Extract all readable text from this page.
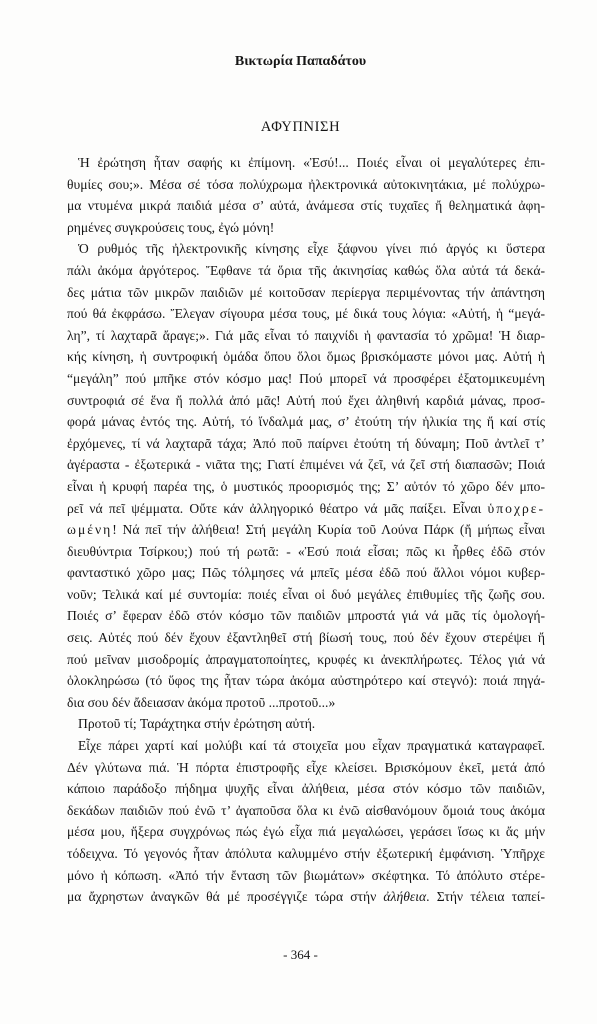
Βικτωρία Παπαδάτου
ΑΦΥΠΝΙΣΗ
Ἡ ἐρώτηση ἦταν σαφής κι ἐπίμονη. «Ἐσύ!... Ποιές εἶναι οἱ μεγαλύτερες ἐπι-
θυμίες σου;». Μέσα σέ τόσα πολύχρωμα ἠλεκτρονικά αὐτοκινητάκια, μέ πολύχρω-
μα ντυμένα μικρά παιδιά μέσα σ’ αὐτά, ἀνάμεσα στίς τυχαῖες ἤ θεληματικά ἀφη-
ρημένες συγκρούσεις τους, ἐγώ μόνη!
Ὁ ρυθμός τῆς ἠλεκτρονικῆς κίνησης εἶχε ξάφνου γίνει πιό ἀργός κι ὕστερα
πάλι ἀκόμα ἀργότερος. Ἔφθανε τά ὅρια τῆς ἀκινησίας καθώς ὅλα αὐτά τά δεκά-
δες μάτια τῶν μικρῶν παιδιῶν μέ κοιτοῦσαν περίεργα περιμένοντας τήν ἀπάντηση
πού θά ἐκφράσω. Ἔλεγαν σίγουρα μέσα τους, μέ δικά τους λόγια: «Αὐτή, ἡ “μεγά-
λη”, τί λαχταρᾶ ἄραγε;». Γιά μᾶς εἶναι τό παιχνίδι ἡ φαντασία τό χρῶμα! Ἡ διαρ-
κής κίνηση, ἡ συντροφική ὁμάδα ὅπου ὅλοι ὅμως βρισκόμαστε μόνοι μας. Αὐτή ἡ
“μεγάλη” πού μπῆκε στόν κόσμο μας! Πού μπορεῖ νά προσφέρει ἐξατομικευμένη
συντροφιά σέ ἕνα ἤ πολλά ἀπό μᾶς! Αὐτή πού ἔχει ἀληθινή καρδιά μάνας, προσ-
φορά μάνας ἐντός της. Αὐτή, τό ἴνδαλμά μας, σ’ ἐτούτη τήν ἡλικία της ἤ καί στίς
ἐρχόμενες, τί νά λαχταρᾶ τάχα; Ἀπό ποῦ παίρνει ἐτούτη τή δύναμη; Ποῦ ἀντλεῖ τ’
ἀγέραστα - ἐξωτερικά - νιᾶτα της; Γιατί ἐπιμένει νά ζεῖ, νά ζεῖ στή διαπασῶν; Ποιά
εἶναι ἡ κρυφή παρέα της, ὁ μυστικός προορισμός της; Σ’ αὐτόν τό χῶρο δέν μπο-
ρεῖ νά πεῖ ψέμματα. Οὔτε κάν ἀλληγορικό θέατρο νά μᾶς παίξει. Εἶναι ὑποχρε-
ωμένη! Νά πεῖ τήν ἀλήθεια! Στή μεγάλη Κυρία τοῦ Λούνα Πάρκ (ἤ μήπως εἶναι
διευθύντρια Τσίρκου;) πού τή ρωτᾶ: - «Ἐσύ ποιά εἶσαι; πῶς κι ἦρθες ἐδῶ στόν
φανταστικό χῶρο μας; Πῶς τόλμησες νά μπεῖς μέσα ἐδῶ πού ἄλλοι νόμοι κυβερ-
νοῦν; Τελικά καί μέ συντομία: ποιές εἶναι οἱ δυό μεγάλες ἐπιθυμίες τῆς ζωῆς σου.
Ποιές σ’ ἔφεραν ἐδῶ στόν κόσμο τῶν παιδιῶν μπροστά γιά νά μᾶς τίς ὁμολογή-
σεις. Αὐτές πού δέν ἔχουν ἐξαντληθεῖ στή βίωσή τους, πού δέν ἔχουν στερέψει ἤ
πού μεῖναν μισοδρομίς ἀπραγματοποίητες, κρυφές κι ἀνεκπλήρωτες. Τέλος γιά νά
ὁλοκληρώσω (τό ὕφος της ἦταν τώρα ἀκόμα αὐστηρότερο καί στεγνό): ποιά πηγά-
δια σου δέν ἄδειασαν ἀκόμα προτοῦ ...προτοῦ...»
Προτοῦ τί; Ταράχτηκα στήν ἐρώτηση αὐτή.
Εἶχε πάρει χαρτί καί μολύβι καί τά στοιχεῖα μου εἶχαν πραγματικά καταγραφεῖ.
Δέν γλύτωνα πιά. Ἡ πόρτα ἐπιστροφῆς εἶχε κλείσει. Βρισκόμουν ἐκεῖ, μετά ἀπό
κάποιο παράδοξο πήδημα ψυχῆς εἶναι ἀλήθεια, μέσα στόν κόσμο τῶν παιδιῶν,
δεκάδων παιδιῶν πού ἐνῶ τ’ ἀγαποῦσα ὅλα κι ἐνῶ αἰσθανόμουν ὅμοιά τους ἀκόμα
μέσα μου, ἤξερα συγχρόνως πώς ἐγώ εἶχα πιά μεγαλώσει, γεράσει ἴσως κι ἄς μήν
τόδειχνα. Τό γεγονός ἦταν ἀπόλυτα καλυμμένο στήν ἐξωτερική ἐμφάνιση. Ὑπῆρχε
μόνο ἡ κόπωση. «Ἀπό τήν ἔνταση τῶν βιωμάτων» σκέφτηκα. Τό ἀπόλυτο στέρε-
μα ἄχρηστων ἀναγκῶν θά μέ προσέγγιζε τώρα στήν ἀλήθεια. Στήν τέλεια ταπεί-
- 364 -
